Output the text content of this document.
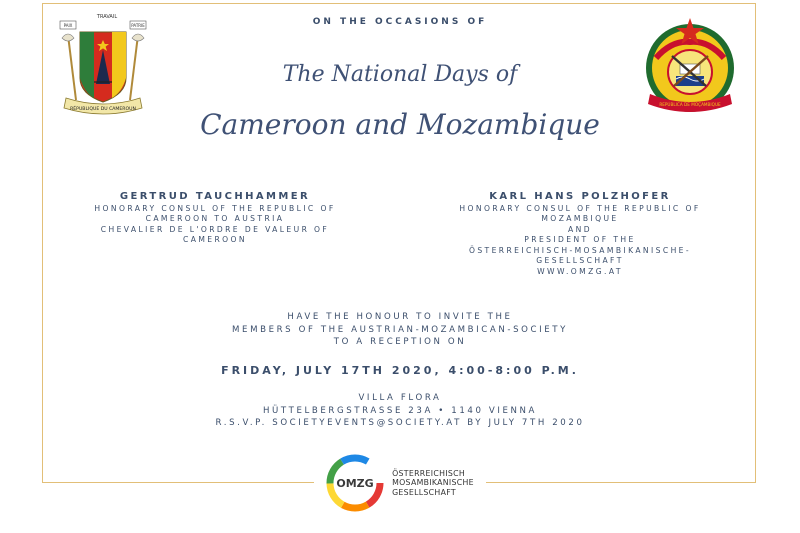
ON THE OCCASIONS OF
TRAVAIL
PAIX	PATRIE
RÉPUBLIQUE DU CAMEROUN
REPÚBLICA DE MOÇAMBIQUE
The National Days of
Cameroon and Mozambique
GERTRUD TAUCHHAMMER
HONORARY CONSUL OF THE REPUBLIC OF
CAMEROON TO AUSTRIA
CHEVALIER DE L'ORDRE DE VALEUR OF
CAMEROON
KARL HANS POLZHOFER
HONORARY CONSUL OF THE REPUBLIC OF
MOZAMBIQUE
AND
PRESIDENT OF THE
ÖSTERREICHISCH-MOSAMBIKANISCHE-
GESELLSCHAFT
WWW.OMZG.AT
HAVE THE HONOUR TO INVITE THE
MEMBERS OF THE AUSTRIAN-MOZAMBICAN-SOCIETY
TO A RECEPTION ON
FRIDAY, JULY 17TH 2020, 4:00-8:00 P.M.
VILLA FLORA
HÜTTELBERGSTRASSE 23A • 1140 VIENNA
R.S.V.P. SOCIETYEVENTS@SOCIETY.AT BY JULY 7TH 2020
OMZG
ÖSTERREICHISCH
MOSAMBIKANISCHE
GESELLSCHAFT
